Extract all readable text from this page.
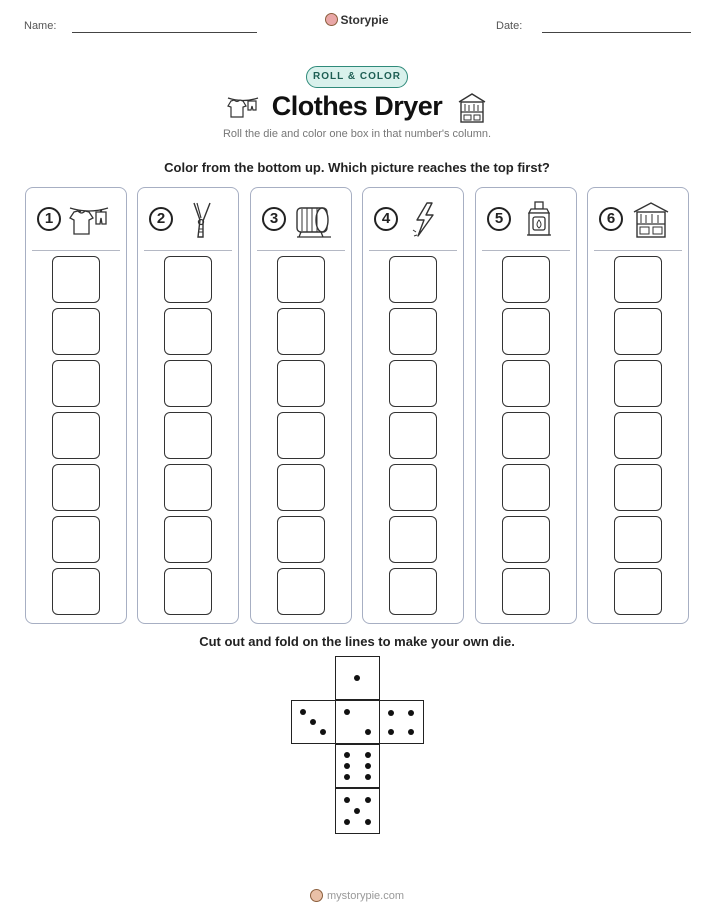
Name:	Storypie	Date:
ROLL & COLOR
Clothes Dryer
Roll the die and color one box in that number's column.
Color from the bottom up. Which picture reaches the top first?
1	2	3	4	5	6
Cut out and fold on the lines to make your own die.
mystorypie.com
